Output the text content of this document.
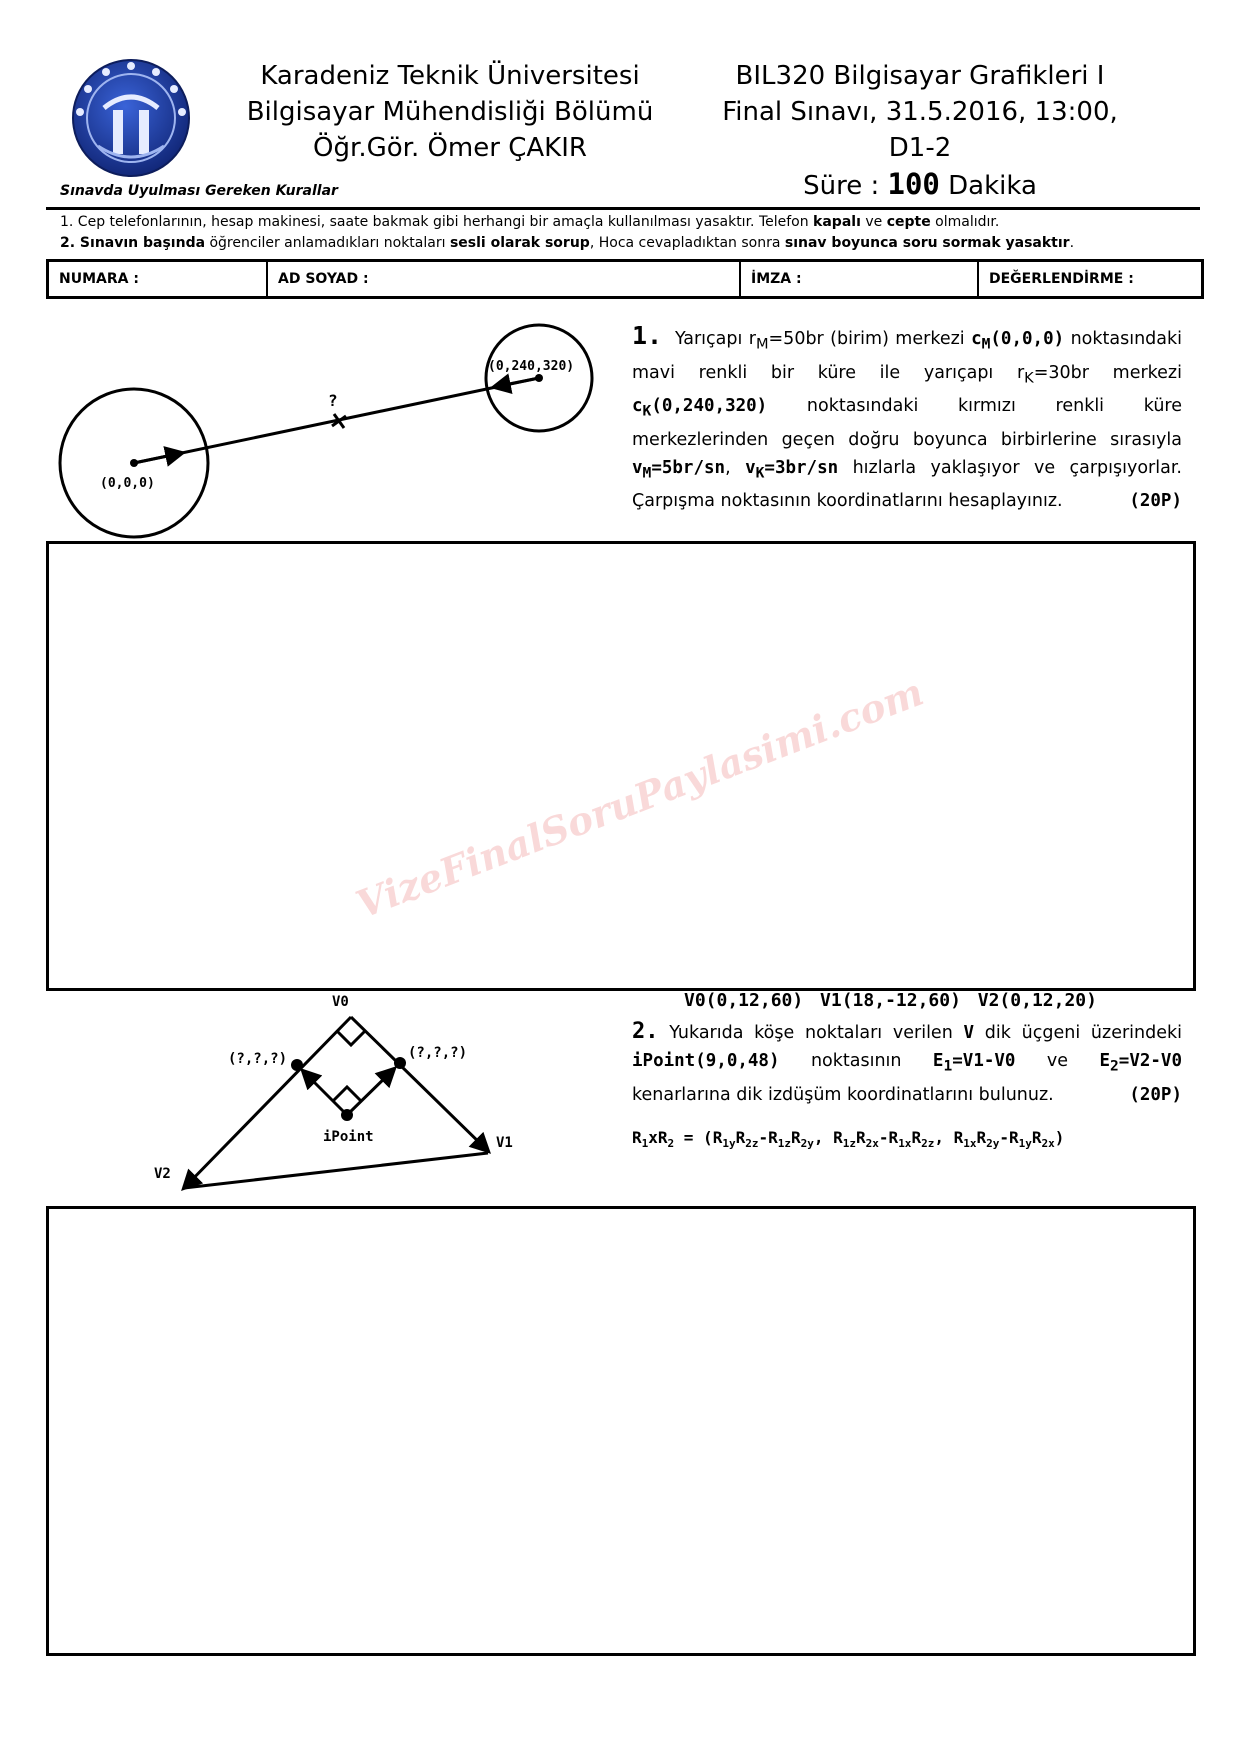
Karadeniz Teknik Üniversitesi
Bilgisayar Mühendisliği Bölümü
Öğr.Gör. Ömer ÇAKIR
BIL320 Bilgisayar Grafikleri I
Final Sınavı, 31.5.2016, 13:00, D1-2
Süre : 100 Dakika
Sınavda Uyulması Gereken Kurallar
1. Cep telefonlarının, hesap makinesi, saate bakmak gibi herhangi bir amaçla kullanılması yasaktır. Telefon kapalı ve cepte olmalıdır.
2. Sınavın başında öğrenciler anlamadıkları noktaları sesli olarak sorup, Hoca cevapladıktan sonra sınav boyunca soru sormak yasaktır.
NUMARA :	AD SOYAD :	İMZA :	DEĞERLENDİRME :
?
(0,0,0)
(0,240,320)
1. Yarıçapı $r_M=50br$ (birim) merkezi $c_M(0,0,0)$ noktasındaki mavi renkli bir küre ile yarıçapı $r_K=30br$ merkezi $c_K(0,240,320)$ noktasındaki kırmızı renkli küre merkezlerinden geçen doğru boyunca birbirlerine sırasıyla $v_M=5br/sn$, $v_K=3br/sn$ hızlarla yaklaşıyor ve çarpışıyorlar. Çarpışma noktasının koordinatlarını hesaplayınız.	(20P)
VizeFinalSoruPaylasimi.com
V0
V1
V2
(?,?,?)	(?,?,?)
iPoint
V0(0,12,60) V1(18,-12,60) V2(0,12,20)
2. Yukarıda köşe noktaları verilen V dik üçgeni üzerindeki iPoint(9,0,48) noktasının $E_1=V1-V0$ ve $E_2=V2-V0$ kenarlarına dik izdüşüm koordinatlarını bulunuz.	(20P)
$R_1xR_2 = (R_{1y}R_{2z}-R_{1z}R_{2y}$, $R_{1z}R_{2x}-R_{1x}R_{2z}$, $R_{1x}R_{2y}-R_{1y}R_{2x}$)
